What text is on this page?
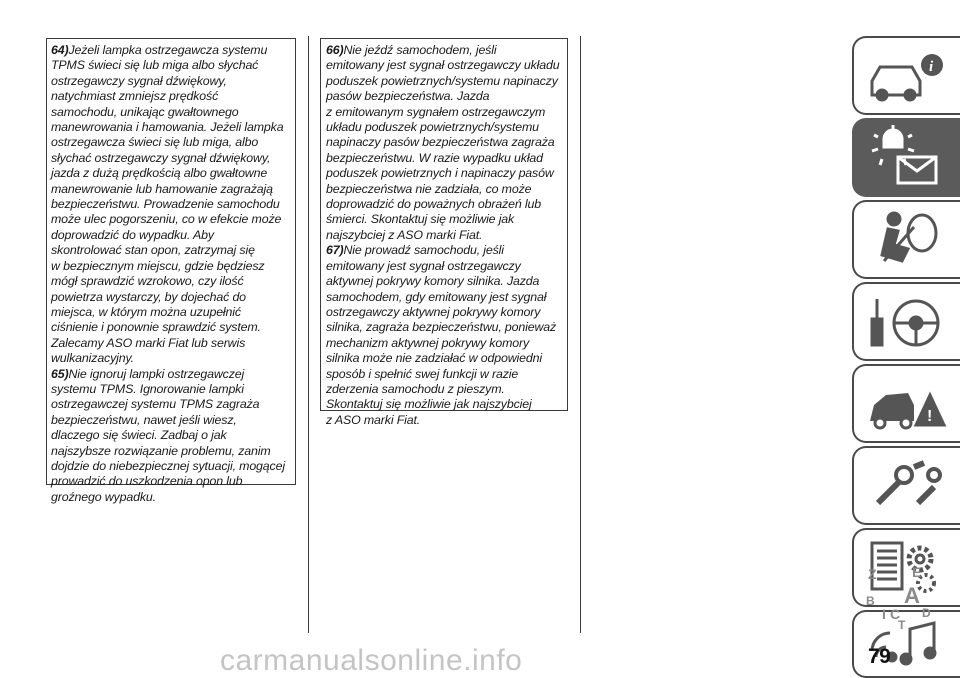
64)Jeżeli lampka ostrzegawcza systemu
TPMS świeci się lub miga albo słychać
ostrzegawczy sygnał dźwiękowy,
natychmiast zmniejsz prędkość
samochodu, unikając gwałtownego
manewrowania i hamowania. Jeżeli lampka
ostrzegawcza świeci się lub miga, albo
słychać ostrzegawczy sygnał dźwiękowy,
jazda z dużą prędkością albo gwałtowne
manewrowanie lub hamowanie zagrażają
bezpieczeństwu. Prowadzenie samochodu
może ulec pogorszeniu, co w efekcie może
doprowadzić do wypadku. Aby
skontrolować stan opon, zatrzymaj się
w bezpiecznym miejscu, gdzie będziesz
mógł sprawdzić wzrokowo, czy ilość
powietrza wystarczy, by dojechać do
miejsca, w którym można uzupełnić
ciśnienie i ponownie sprawdzić system.
Zalecamy ASO marki Fiat lub serwis
wulkanizacyjny.

65)Nie ignoruj lampki ostrzegawczej
systemu TPMS. Ignorowanie lampki
ostrzegawczej systemu TPMS zagraża
bezpieczeństwu, nawet jeśli wiesz,
dlaczego się świeci. Zadbaj o jak
najszybsze rozwiązanie problemu, zanim
dojdzie do niebezpiecznej sytuacji, mogącej
prowadzić do uszkodzenia opon lub
groźnego wypadku.

66)Nie jeźdź samochodem, jeśli
emitowany jest sygnał ostrzegawczy układu
poduszek powietrznych/systemu napinaczy
pasów bezpieczeństwa. Jazda
z emitowanym sygnałem ostrzegawczym
układu poduszek powietrznych/systemu
napinaczy pasów bezpieczeństwa zagraża
bezpieczeństwu. W razie wypadku układ
poduszek powietrznych i napinaczy pasów
bezpieczeństwa nie zadziała, co może
doprowadzić do poważnych obrażeń lub
śmierci. Skontaktuj się możliwie jak
najszybciej z ASO marki Fiat.

67)Nie prowadź samochodu, jeśli
emitowany jest sygnał ostrzegawczy
aktywnej pokrywy komory silnika. Jazda
samochodem, gdy emitowany jest sygnał
ostrzegawczy aktywnej pokrywy komory
silnika, zagraża bezpieczeństwu, ponieważ
mechanizm aktywnej pokrywy komory
silnika może nie zadziałać w odpowiedni
sposób i spełnić swej funkcji w razie
zderzenia samochodu z pieszym.
Skontaktuj się możliwie jak najszybciej
z ASO marki Fiat.

i
!
Z	E
B A
I C D
T
carmanualsonline.info	79
